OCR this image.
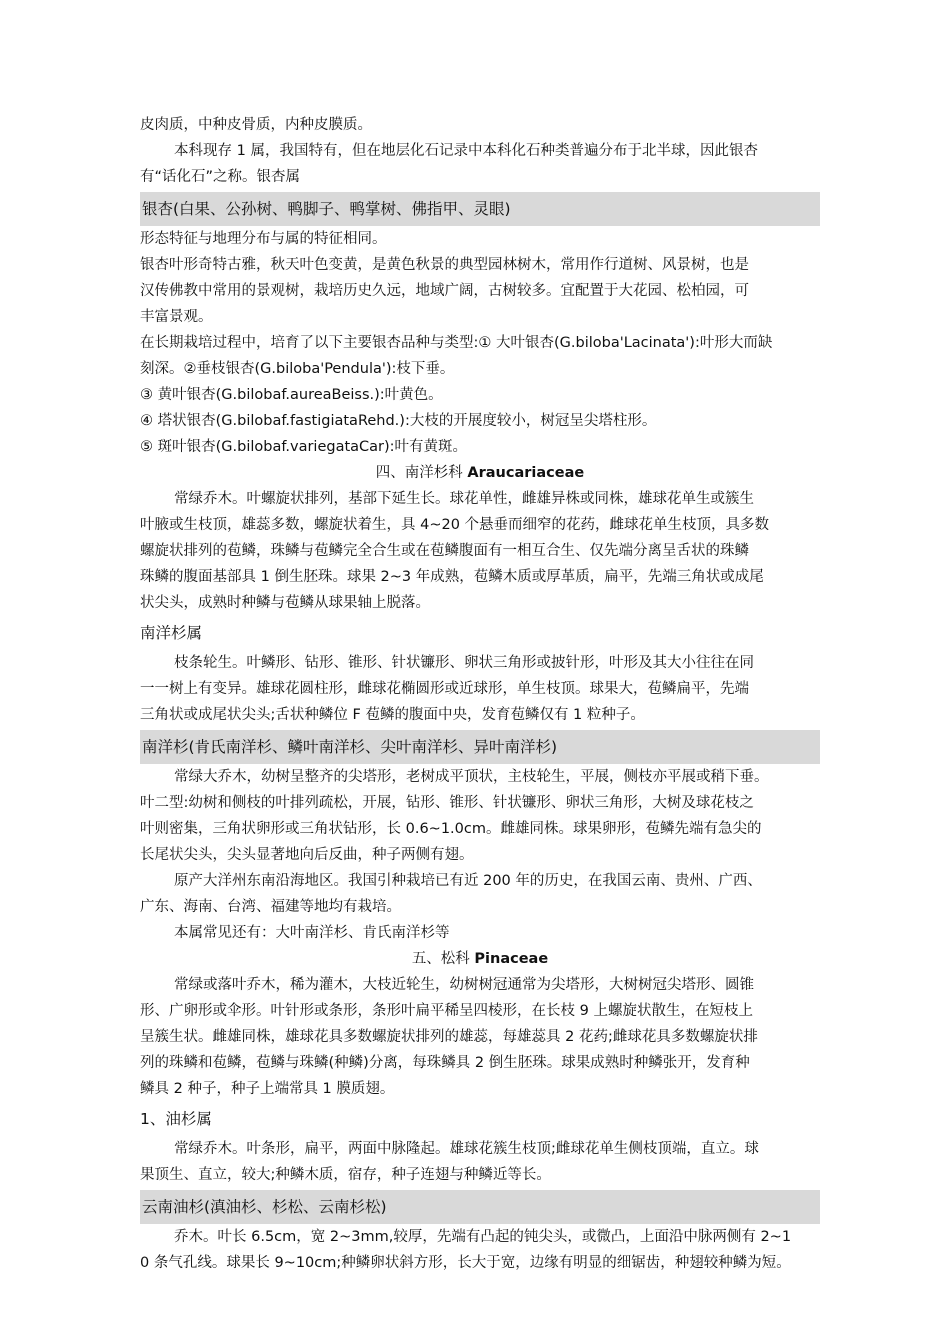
皮肉质，中种皮骨质，内种皮膜质。
本科现存 1 属，我国特有，但在地层化石记录中本科化石种类普遍分布于北半球，因此银杏
有“话化石”之称。银杏属
银杏(白果、公孙树、鸭脚子、鸭掌树、佛指甲、灵眼)
形态特征与地理分布与属的特征相同。
银杏叶形奇特古雅，秋天叶色变黄，是黄色秋景的典型园林树木，常用作行道树、风景树，也是
汉传佛教中常用的景观树，栽培历史久远，地域广阔，古树较多。宜配置于大花园、松柏园，可
丰富景观。
在长期栽培过程中，培育了以下主要银杏品种与类型:① 大叶银杏(G.biloba'Lacinata'):叶形大而缺
刻深。②垂枝银杏(G.biloba'Pendula'):枝下垂。
③ 黄叶银杏(G.bilobaf.aureaBeiss.):叶黄色。
④ 塔状银杏(G.bilobaf.fastigiataRehd.):大枝的开展度较小，树冠呈尖塔柱形。
⑤ 斑叶银杏(G.bilobaf.variegataCar):叶有黄斑。
四、南洋杉科 Araucariaceae
常绿乔木。叶螺旋状排列，基部下延生长。球花单性，雌雄异株或同株，雄球花单生或簇生
叶腋或生枝顶，雄蕊多数，螺旋状着生，具 4~20 个悬垂而细窄的花药，雌球花单生枝顶，具多数
螺旋状排列的苞鳞，珠鳞与苞鳞完全合生或在苞鳞腹面有一相互合生、仅先端分离呈舌状的珠鳞
珠鳞的腹面基部具 1 倒生胚珠。球果 2~3 年成熟，苞鳞木质或厚革质，扁平，先端三角状或成尾
状尖头，成熟时种鳞与苞鳞从球果轴上脱落。
南洋杉属
枝条轮生。叶鳞形、钻形、锥形、针状镰形、卵状三角形或披针形，叶形及其大小往往在同
一一树上有变异。雄球花圆柱形，雌球花椭圆形或近球形，单生枝顶。球果大，苞鳞扁平，先端
三角状或成尾状尖头;舌状种鳞位 F 苞鳞的腹面中央，发育苞鳞仅有 1 粒种子。
南洋杉(肯氏南洋杉、鳞叶南洋杉、尖叶南洋杉、异叶南洋杉)
常绿大乔木，幼树呈整齐的尖塔形，老树成平顶状，主枝轮生，平展，侧枝亦平展或稍下垂。
叶二型:幼树和侧枝的叶排列疏松，开展，钻形、锥形、针状镰形、卵状三角形，大树及球花枝之
叶则密集，三角状卵形或三角状钻形，长 0.6~1.0cm。雌雄同株。球果卵形，苞鳞先端有急尖的
长尾状尖头，尖头显著地向后反曲，种子两侧有翅。
原产大洋州东南沿海地区。我国引种栽培已有近 200 年的历史，在我国云南、贵州、广西、
广东、海南、台湾、福建等地均有栽培。
本属常见还有：大叶南洋杉、肯氏南洋杉等
五、松科 Pinaceae
常绿或落叶乔木，稀为灌木，大枝近轮生，幼树树冠通常为尖塔形，大树树冠尖塔形、圆锥
形、广卵形或伞形。叶针形或条形，条形叶扁平稀呈四棱形，在长枝 9 上螺旋状散生，在短枝上
呈簇生状。雌雄同株，雄球花具多数螺旋状排列的雄蕊，每雄蕊具 2 花药;雌球花具多数螺旋状排
列的珠鳞和苞鳞，苞鳞与珠鳞(种鳞)分离，每珠鳞具 2 倒生胚珠。球果成熟时种鳞张开，发育种
鳞具 2 种子，种子上端常具 1 膜质翅。
1、油杉属
常绿乔木。叶条形，扁平，两面中脉隆起。雄球花簇生枝顶;雌球花单生侧枝顶端，直立。球
果顶生、直立，较大;种鳞木质，宿存，种子连翅与种鳞近等长。
云南油杉(滇油杉、杉松、云南杉松)
乔木。叶长 6.5cm，宽 2~3mm,较厚，先端有凸起的钝尖头，或微凸，上面沿中脉两侧有 2~1
0 条气孔线。球果长 9~10cm;种鳞卵状斜方形，长大于宽，边缘有明显的细锯齿，种翅较种鳞为短。
